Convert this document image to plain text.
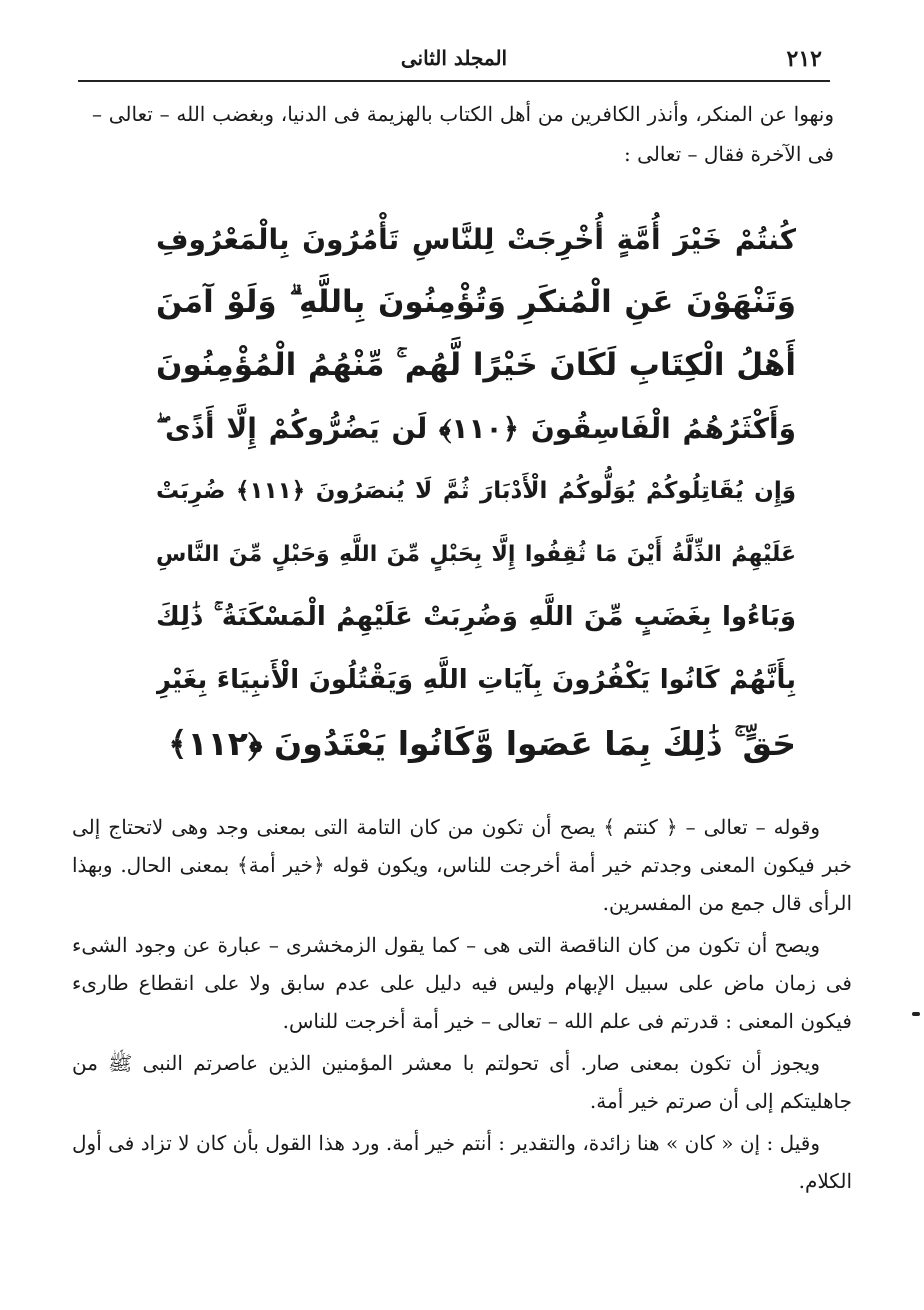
٢١٢
المجلد الثانى
ونهوا عن المنكر، وأنذر الكافرين من أهل الكتاب بالهزيمة فى الدنيا، وبغضب الله – تعالى – فى الآخرة فقال – تعالى :
كُنتُمْ خَيْرَ أُمَّةٍ أُخْرِجَتْ لِلنَّاسِ تَأْمُرُونَ بِالْمَعْرُوفِ
وَتَنْهَوْنَ عَنِ الْمُنكَرِ وَتُؤْمِنُونَ بِاللَّهِ ۗ وَلَوْ آمَنَ
أَهْلُ الْكِتَابِ لَكَانَ خَيْرًا لَّهُم ۚ مِّنْهُمُ الْمُؤْمِنُونَ
وَأَكْثَرُهُمُ الْفَاسِقُونَ ﴿١١٠﴾ لَن يَضُرُّوكُمْ إِلَّا أَذًى ۖ
وَإِن يُقَاتِلُوكُمْ يُوَلُّوكُمُ الْأَدْبَارَ ثُمَّ لَا يُنصَرُونَ ﴿١١١﴾ ضُرِبَتْ
عَلَيْهِمُ الذِّلَّةُ أَيْنَ مَا ثُقِفُوا إِلَّا بِحَبْلٍ مِّنَ اللَّهِ وَحَبْلٍ مِّنَ النَّاسِ
وَبَاءُوا بِغَضَبٍ مِّنَ اللَّهِ وَضُرِبَتْ عَلَيْهِمُ الْمَسْكَنَةُ ۚ ذَٰلِكَ
بِأَنَّهُمْ كَانُوا يَكْفُرُونَ بِآيَاتِ اللَّهِ وَيَقْتُلُونَ الْأَنبِيَاءَ بِغَيْرِ
حَقٍّ ۚ ذَٰلِكَ بِمَا عَصَوا وَّكَانُوا يَعْتَدُونَ ﴿١١٢﴾

وقوله – تعالى – ﴿ كنتم ﴾ يصح أن تكون من كان التامة التى بمعنى وجد وهى لاتحتاج إلى خبر فيكون المعنى وجدتم خير أمة أخرجت للناس، ويكون قوله ﴿خير أمة﴾ بمعنى الحال. وبهذا الرأى قال جمع من المفسرين.

ويصح أن تكون من كان الناقصة التى هى – كما يقول الزمخشرى – عبارة عن وجود الشىء فى زمان ماض على سبيل الإبهام وليس فيه دليل على عدم سابق ولا على انقطاع طارىء فيكون المعنى : قدرتم فى علم الله – تعالى – خير أمة أخرجت للناس.

ويجوز أن تكون بمعنى صار. أى تحولتم با معشر المؤمنين الذين عاصرتم النبى ﷺ من جاهليتكم إلى أن صرتم خير أمة.

وقيل : إن « كان » هنا زائدة، والتقدير : أنتم خير أمة. ورد هذا القول بأن كان لا تزاد فى أول الكلام.
